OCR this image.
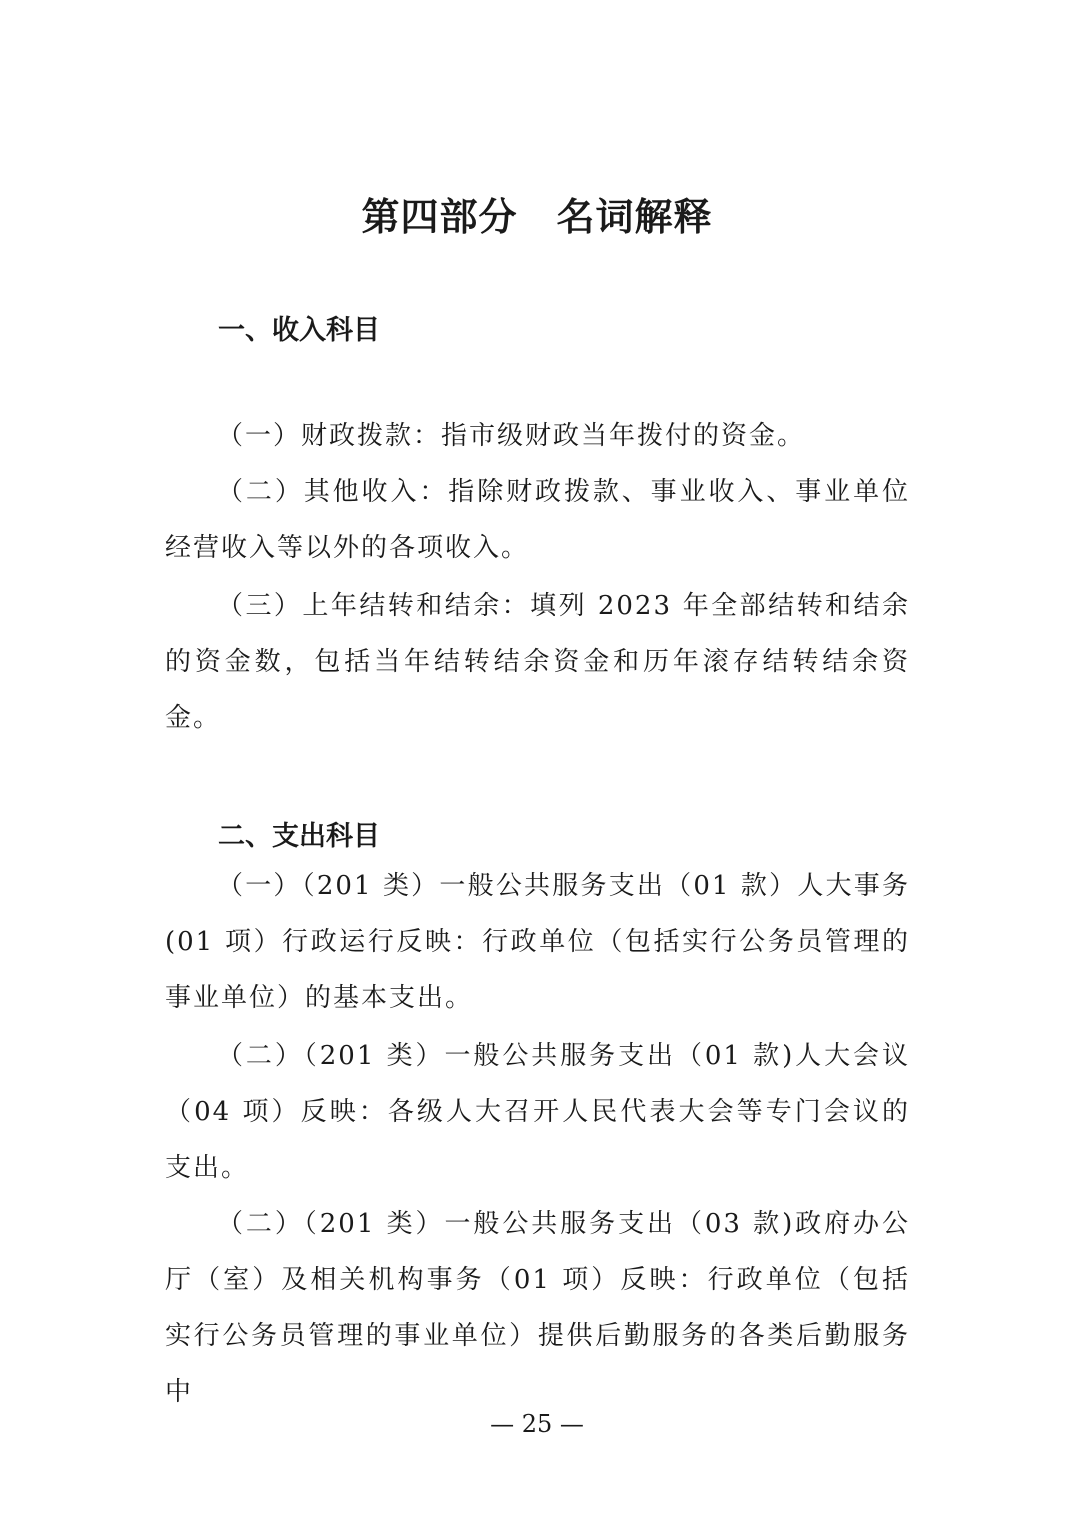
第四部分　名词解释
一、收入科目

（一）财政拨款：指市级财政当年拨付的资金。

（二）其他收入：指除财政拨款、事业收入、事业单位经营收入等以外的各项收入。

（三）上年结转和结余：填列 2023 年全部结转和结余的资金数，包括当年结转结余资金和历年滚存结转结余资金。

二、支出科目

（一）（201 类）一般公共服务支出（01 款）人大事务(01 项）行政运行反映：行政单位（包括实行公务员管理的事业单位）的基本支出。

（二）（201 类）一般公共服务支出（01 款)人大会议（04 项）反映：各级人大召开人民代表大会等专门会议的支出。

（二）（201 类）一般公共服务支出（03 款)政府办公厅（室）及相关机构事务（01 项）反映：行政单位（包括实行公务员管理的事业单位）提供后勤服务的各类后勤服务中

— 25 —
